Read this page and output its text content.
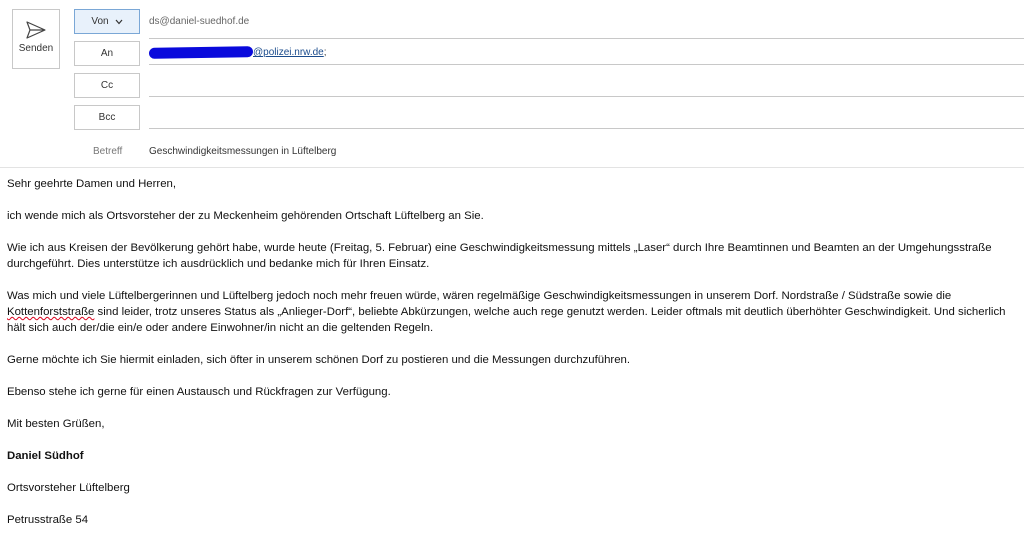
Senden
Von
An
Cc
Bcc
ds@daniel-suedhof.de
@polizei.nrw.de ;
Betreff	Geschwindigkeitsmessungen in Lüftelberg

Sehr geehrte Damen und Herren,

ich wende mich als Ortsvorsteher der zu Meckenheim gehörenden Ortschaft Lüftelberg an Sie.

Wie ich aus Kreisen der Bevölkerung gehört habe, wurde heute (Freitag, 5. Februar) eine Geschwindigkeitsmessung mittels „Laser“ durch Ihre Beamtinnen und Beamten an der Umgehungsstraße durchgeführt. Dies unterstütze ich ausdrücklich und bedanke mich für Ihren Einsatz.

Was mich und viele Lüftelbergerinnen und Lüftelberg jedoch noch mehr freuen würde, wären regelmäßige Geschwindigkeitsmessungen in unserem Dorf. Nordstraße / Südstraße sowie die Kottenforststraße sind leider, trotz unseres Status als „Anlieger-Dorf“, beliebte Abkürzungen, welche auch rege genutzt werden. Leider oftmals mit deutlich überhöhter Geschwindigkeit. Und sicherlich hält sich auch der/die ein/e oder andere Einwohner/in nicht an die geltenden Regeln.

Gerne möchte ich Sie hiermit einladen, sich öfter in unserem schönen Dorf zu postieren und die Messungen durchzuführen.

Ebenso stehe ich gerne für einen Austausch und Rückfragen zur Verfügung.

Mit besten Grüßen,

Daniel Südhof

Ortsvorsteher Lüftelberg

Petrusstraße 54
